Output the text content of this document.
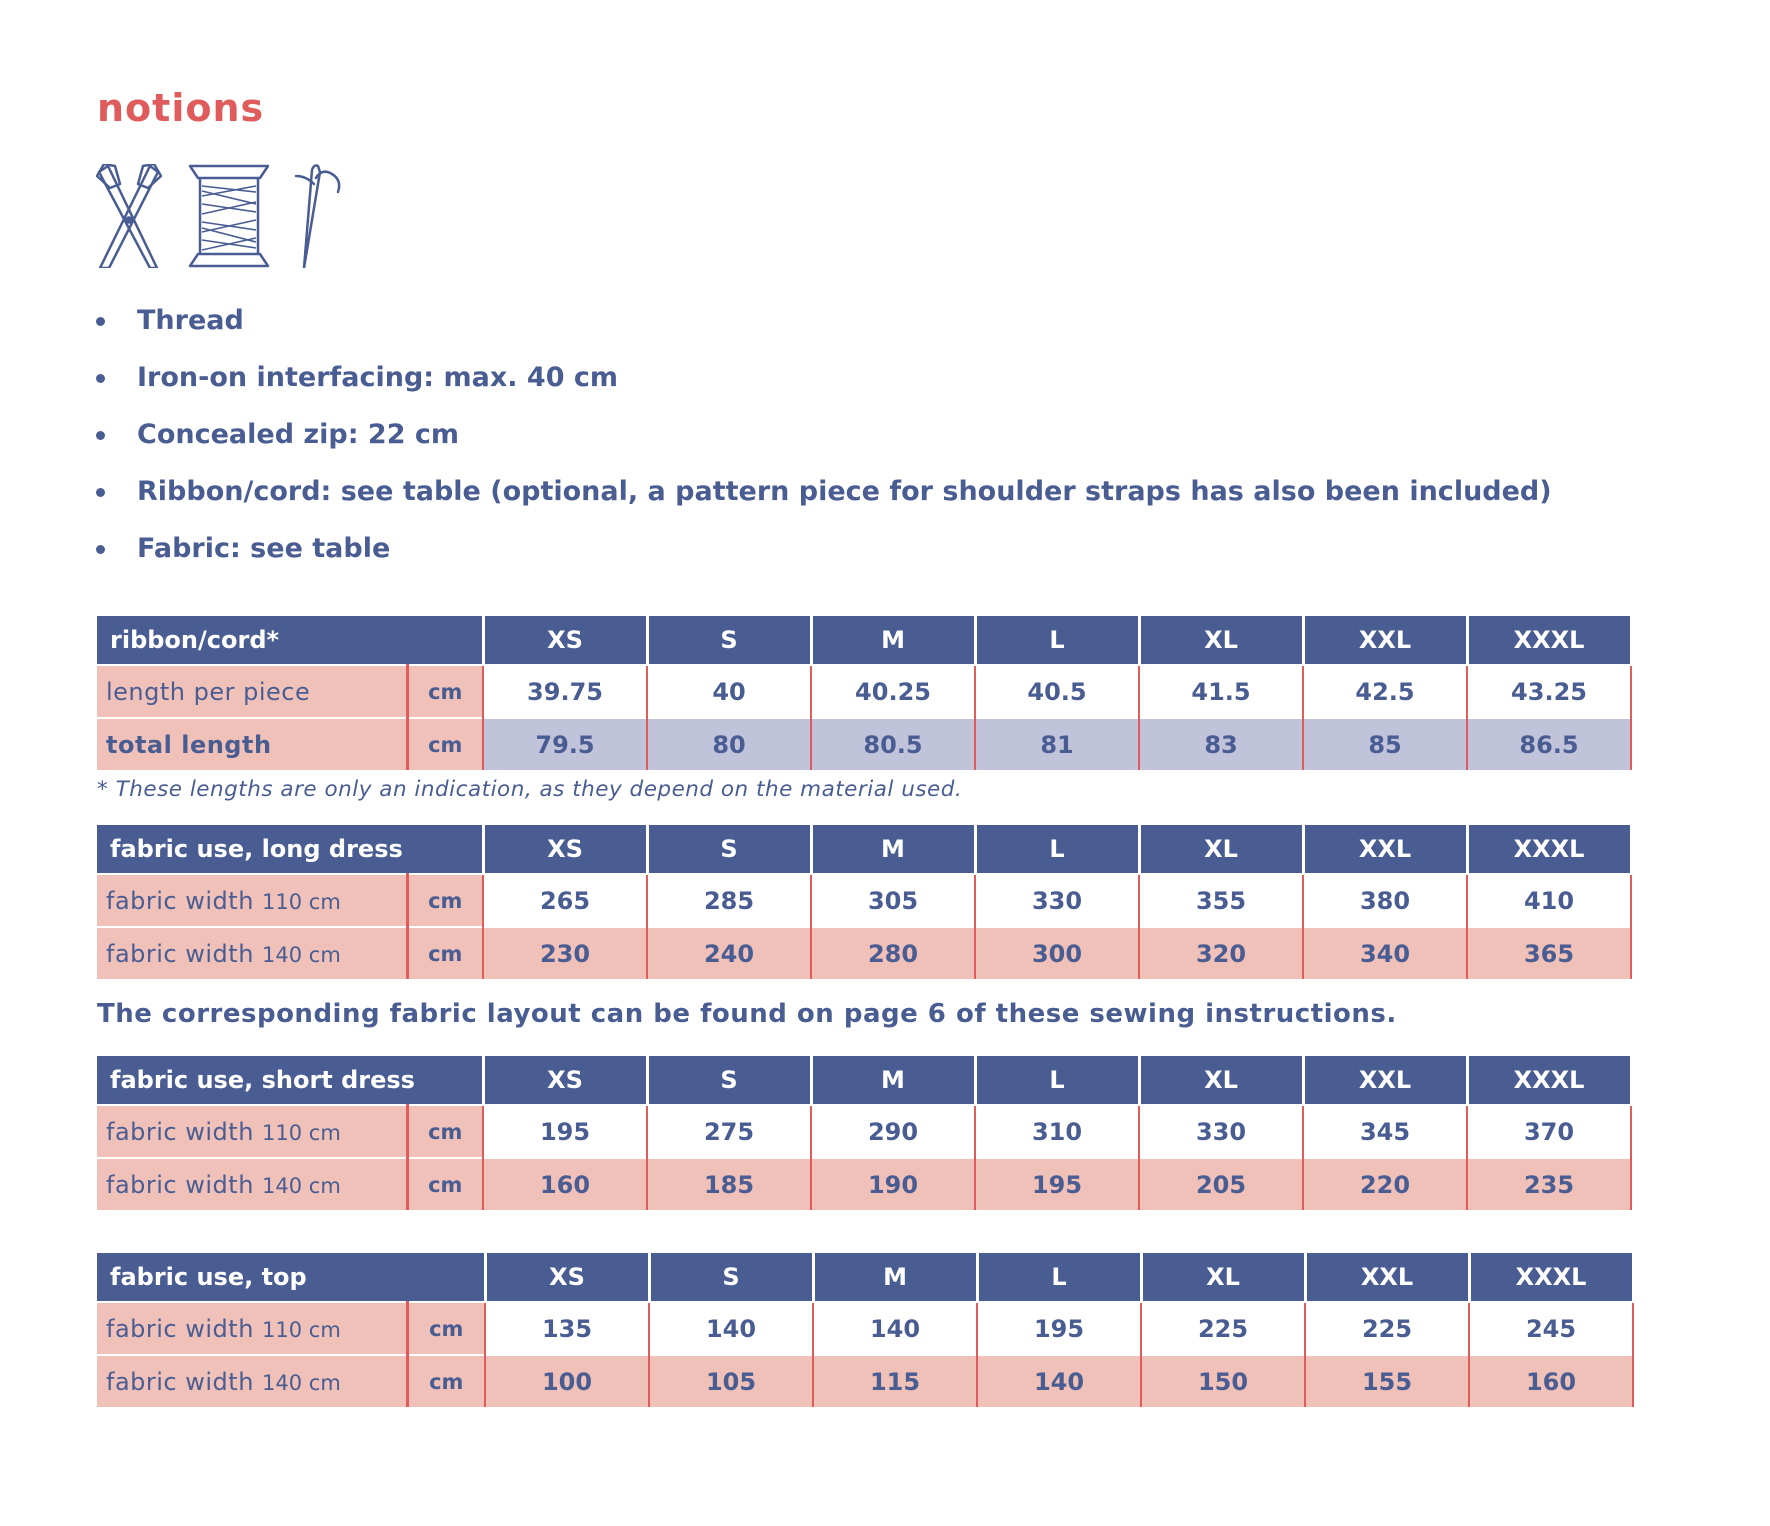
notions
Thread
Iron-on interfacing: max. 40 cm
Concealed zip: 22 cm
Ribbon/cord: see table (optional, a pattern piece for shoulder straps has also been included)
Fabric: see table
ribbon/cord*		XS	S	M	L	XL	XXL	XXXL
length per piece	cm	39.75	40	40.25	40.5	41.5	42.5	43.25
total length	cm	79.5	80	80.5	81	83	85	86.5

* These lengths are only an indication, as they depend on the material used.

fabric use, long dress		XS	S	M	L	XL	XXL	XXXL
fabric width 110 cm	cm	265	285	305	330	355	380	410
fabric width 140 cm	cm	230	240	280	300	320	340	365

The corresponding fabric layout can be found on page 6 of these sewing instructions.

fabric use, short dress		XS	S	M	L	XL	XXL	XXXL
fabric width 110 cm	cm	195	275	290	310	330	345	370
fabric width 140 cm	cm	160	185	190	195	205	220	235
fabric use, top		XS	S	M	L	XL	XXL	XXXL
fabric width 110 cm	cm	135	140	140	195	225	225	245
fabric width 140 cm	cm	100	105	115	140	150	155	160
